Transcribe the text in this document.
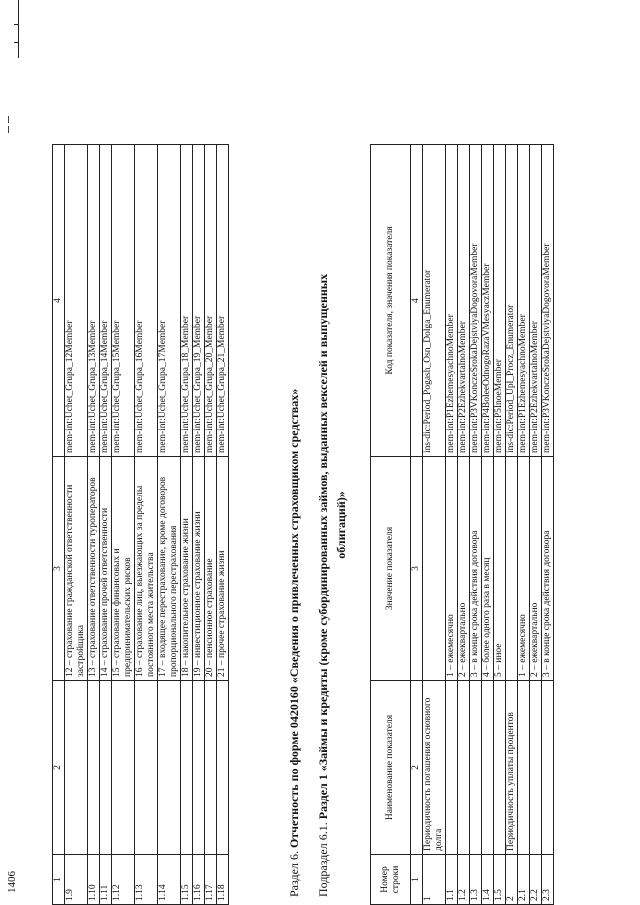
1406	1	2	3	4
1.9		12 – страхование гражданской ответственности застройщика	mem-int:Uchet_Grupa_12Member
1.10		13 – страхование ответственности туроператоров	mem-int:Uchet_Grupa_13Member
1.11		14 – страхование прочей ответственности	mem-int:Uchet_Grupa_14Member
1.12		15 – страхование финансовых и предпринимательских рисков	mem-int:Uchet_Grupa_15Member
1.13		16 – страхование лиц, выезжающих за пределы постоянного места жительства	mem-int:Uchet_Grupa_16Member
1.14		17 – входящее перестрахование, кроме договоров пропорционального перестрахования	mem-int:Uchet_Grupa_17Member
1.15		18 – накопительное страхование жизни	mem-int:Uchet_Grupa_18_Member
1.16		19 – инвестиционное страхование жизни	mem-int:Uchet_Grupa_19_Member
1.17		20 – пенсионное страхование	mem-int:Uchet_Grupa_20_Member
1.18		21 – прочее страхование жизни	mem-int:Uchet_Grupa_21_Member
Раздел 6. Отчетность по форме 0420160 «Сведения о привлеченных страховщиком средствах»
Подраздел 6.1. Раздел 1 «Займы и кредиты (кроме субординированных займов, выданных векселей и выпущенных облигаций)»
Номер строки	Наименование показателя	Значение показателя	Код показателя, значения показателя
1	2	3	4
1	Периодичность погашения основного долга		ins-dic:Period_Pogash_Osn_Dolga_Enumerator
1.1		1 – ежемесячно	mem-int:P1EzhemesyachnoMember
1.2		2 – ежеквартально	mem-int:P2EzhekvartalnoMember
1.3		3 – в конце срока действия договора	mem-int:P3VKonczeSrokaDejstviyaDogovoraMember
1.4		4 – более одного раза в месяц	mem-int:P4BoleeOdnogoRazaVMesyaczMember
1.5		5 – иное	mem-int:P5InoeMember
2	Периодичность уплаты процентов		ins-dic:Period_Upl_Procz_Enumerator
2.1		1 – ежемесячно	mem-int:P1EzhemesyachnoMember
2.2		2 – ежеквартально	mem-int:P2EzhekvartalnoMember
2.3		3 – в конце срока действия договора	mem-int:P3VKonczeSrokaDejstviyaDogovoraMember
